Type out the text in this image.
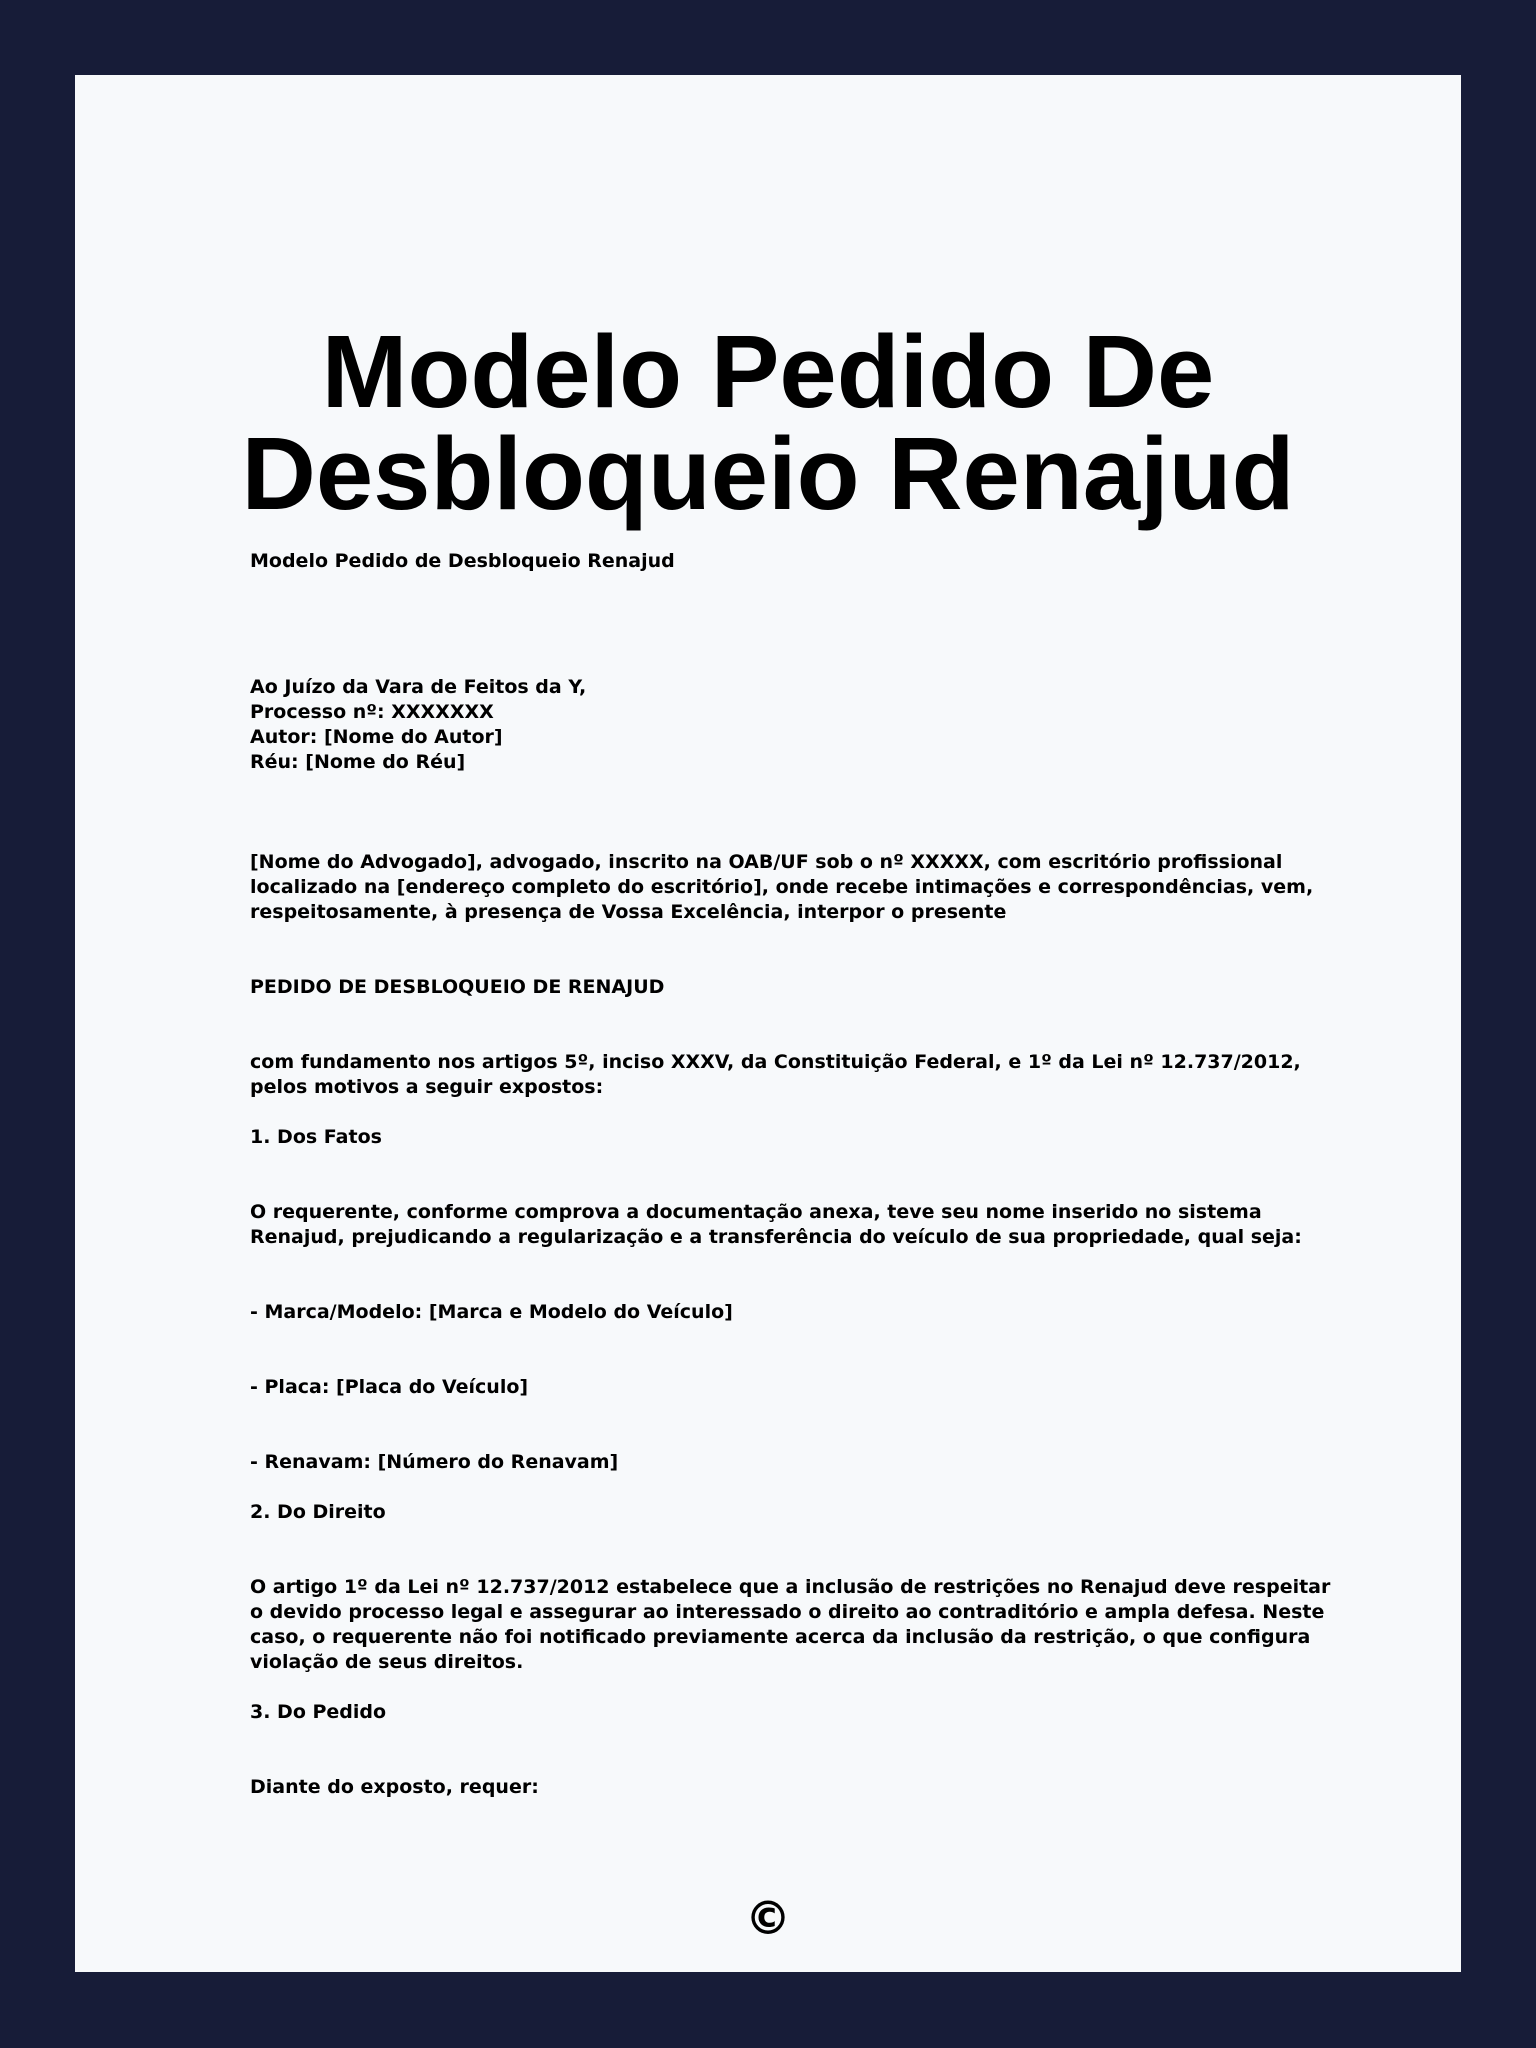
Modelo Pedido De
Desbloqueio Renajud

Modelo Pedido de Desbloqueio Renajud

Ao Juízo da Vara de Feitos da Y,
Processo nº: XXXXXXX
Autor: [Nome do Autor]
Réu: [Nome do Réu]

[Nome do Advogado], advogado, inscrito na OAB/UF sob o nº XXXXX, com escritório profissional localizado na [endereço completo do escritório], onde recebe intimações e correspondências, vem, respeitosamente, à presença de Vossa Excelência, interpor o presente

PEDIDO DE DESBLOQUEIO DE RENAJUD

com fundamento nos artigos 5º, inciso XXXV, da Constituição Federal, e 1º da Lei nº 12.737/2012, pelos motivos a seguir expostos:

1. Dos Fatos

O requerente, conforme comprova a documentação anexa, teve seu nome inserido no sistema Renajud, prejudicando a regularização e a transferência do veículo de sua propriedade, qual seja:

- Marca/Modelo: [Marca e Modelo do Veículo]

- Placa: [Placa do Veículo]

- Renavam: [Número do Renavam]

2. Do Direito

O artigo 1º da Lei nº 12.737/2012 estabelece que a inclusão de restrições no Renajud deve respeitar o devido processo legal e assegurar ao interessado o direito ao contraditório e ampla defesa. Neste caso, o requerente não foi notificado previamente acerca da inclusão da restrição, o que configura violação de seus direitos.

3. Do Pedido

Diante do exposto, requer:

©
